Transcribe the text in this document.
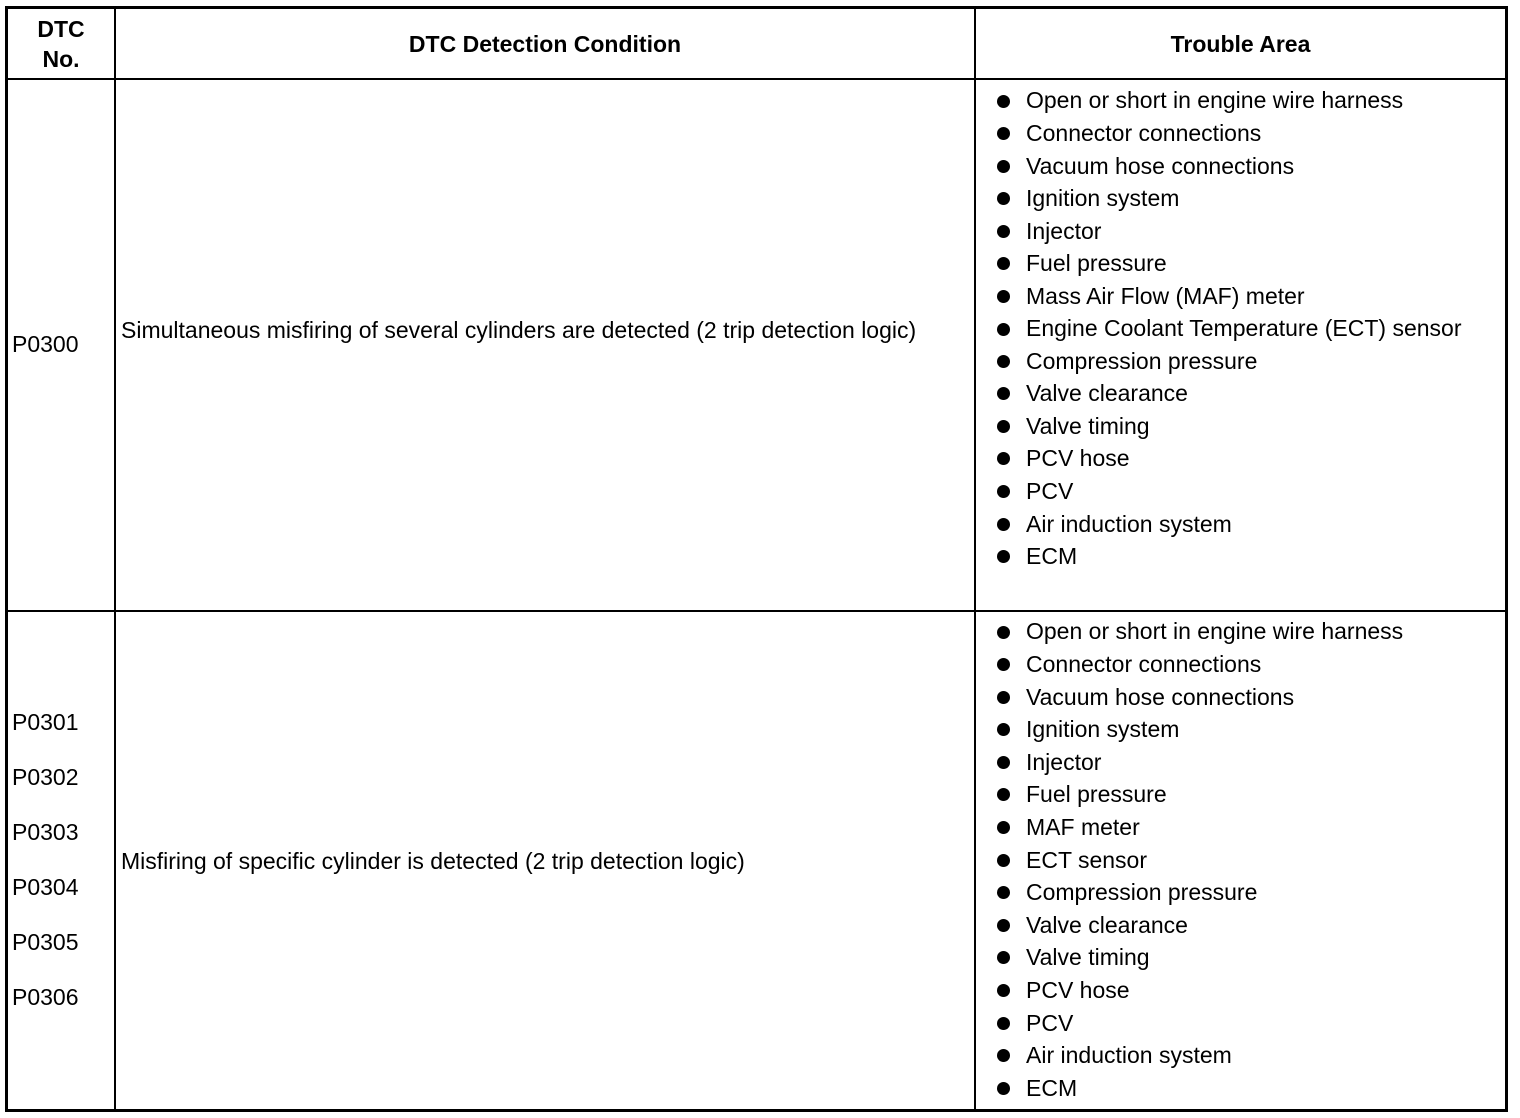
DTC
No.
DTC Detection Condition	Trouble Area
P0300
Simultaneous misfiring of several cylinders are detected (2 trip detection logic)
Open or short in engine wire harness
Connector connections
Vacuum hose connections
Ignition system
Injector
Fuel pressure
Mass Air Flow (MAF) meter
Engine Coolant Temperature (ECT) sensor
Compression pressure
Valve clearance
Valve timing
PCV hose
PCV
Air induction system
ECM
P0301
P0302
P0303
P0304
P0305
P0306
Misfiring of specific cylinder is detected (2 trip detection logic)
Open or short in engine wire harness
Connector connections
Vacuum hose connections
Ignition system
Injector
Fuel pressure
MAF meter
ECT sensor
Compression pressure
Valve clearance
Valve timing
PCV hose
PCV
Air induction system
ECM
